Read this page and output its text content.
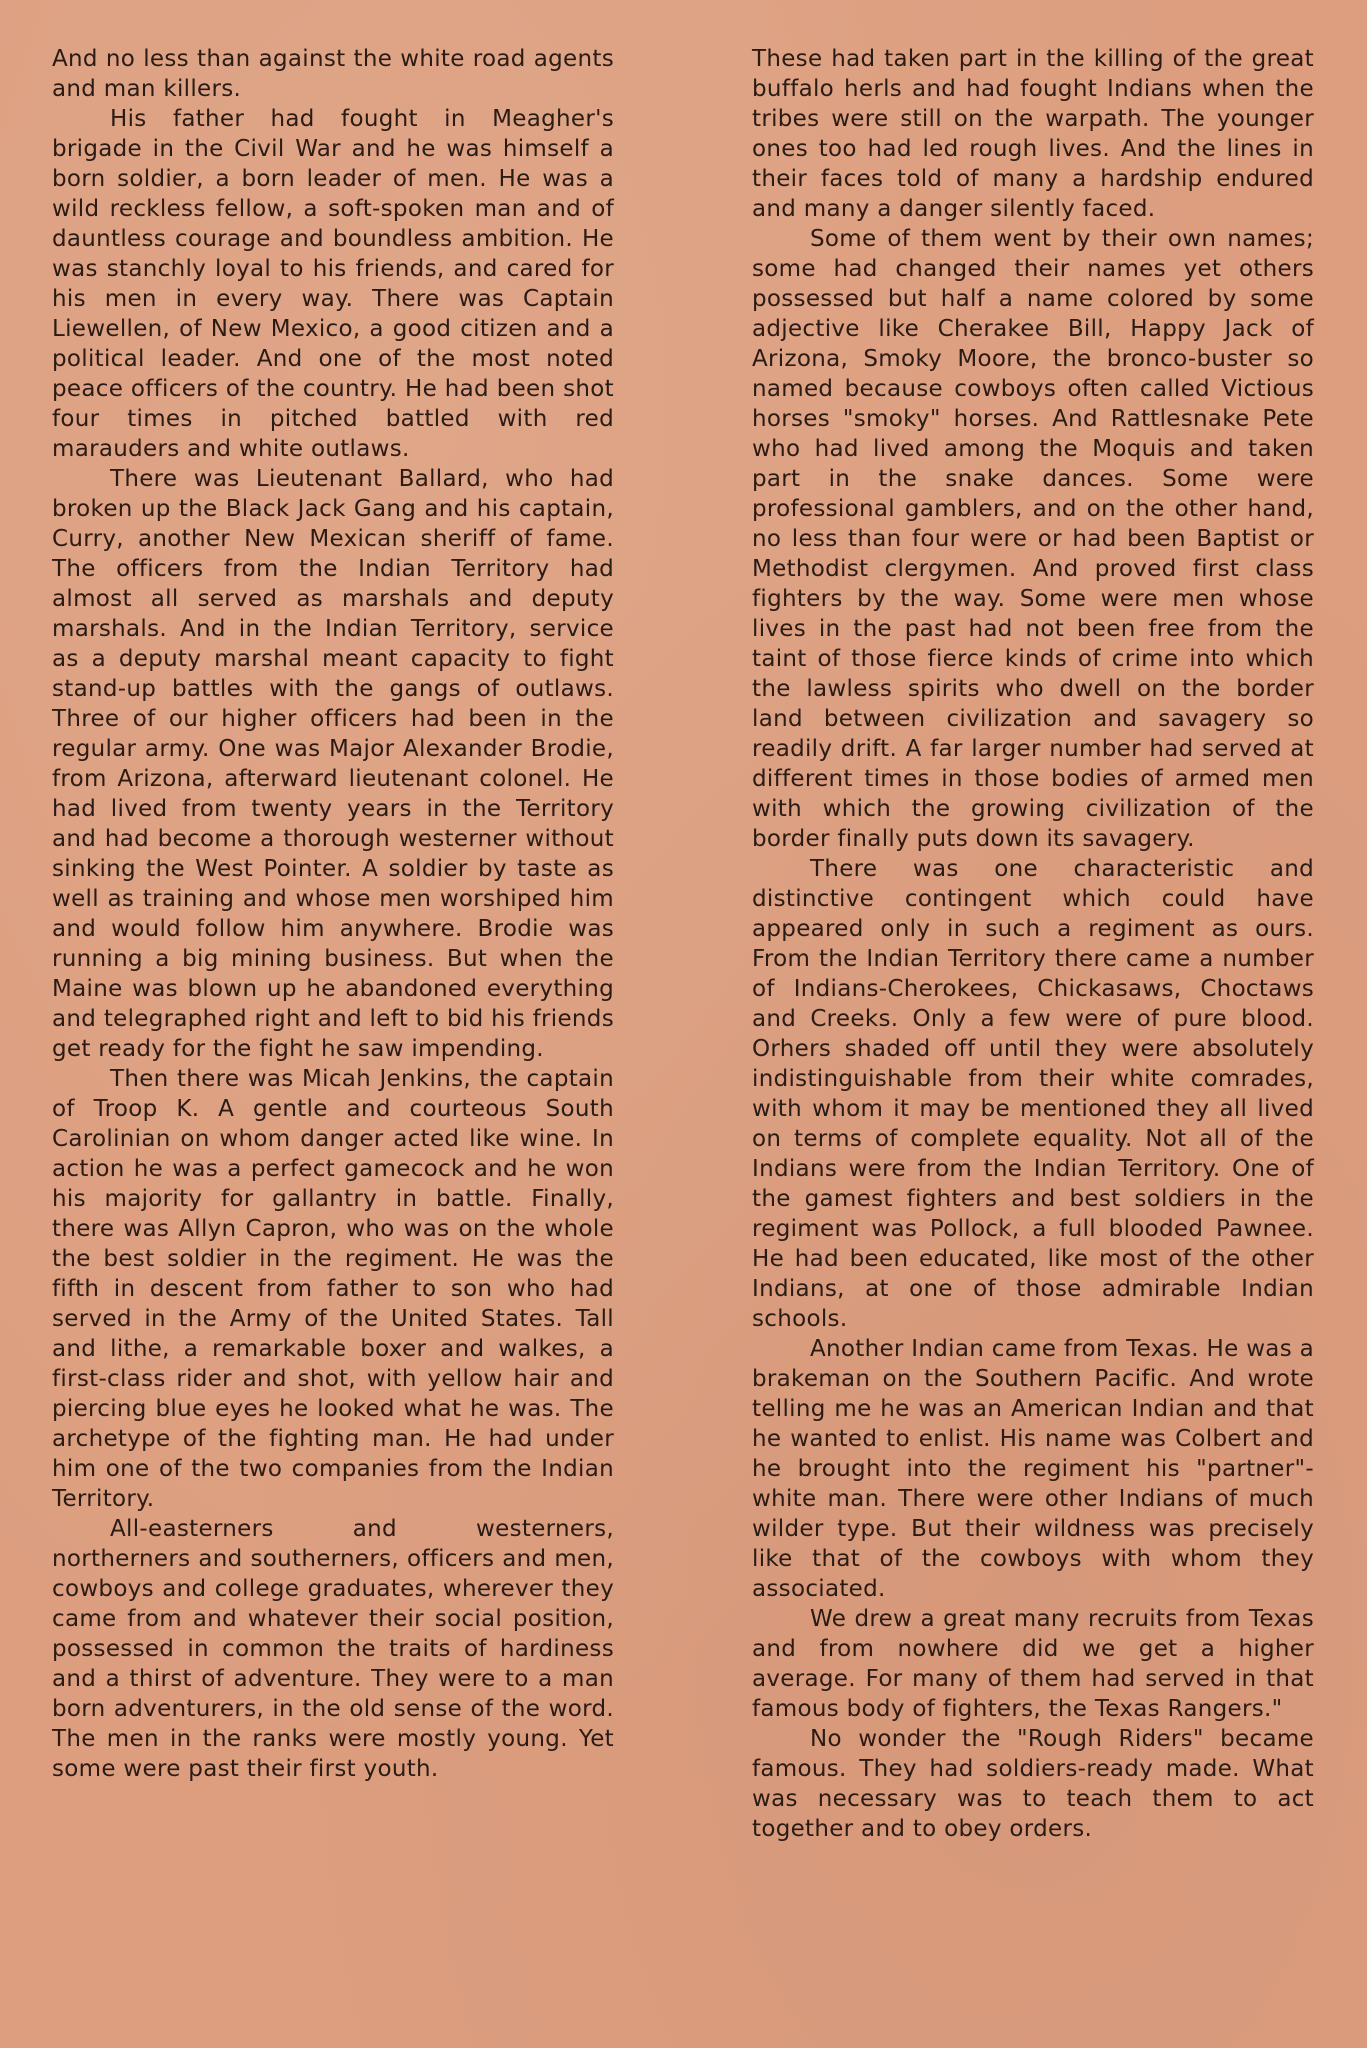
And no less than against the white road agents and man killers.

His father had fought in Meagher's brigade in the Civil War and he was himself a born soldier, a born leader of men. He was a wild reckless fellow, a soft-spoken man and of dauntless courage and boundless ambition. He was stanchly loyal to his friends, and cared for his men in every way. There was Captain Liewellen, of New Mexico, a good citizen and a political leader. And one of the most noted peace officers of the country. He had been shot four times in pitched battled with red marauders and white outlaws.

There was Lieutenant Ballard, who had broken up the Black Jack Gang and his captain, Curry, another New Mexican sheriff of fame. The officers from the Indian Territory had almost all served as marshals and deputy marshals. And in the Indian Territory, service as a deputy marshal meant capacity to fight stand-up battles with the gangs of outlaws. Three of our higher officers had been in the regular army. One was Major Alexander Brodie, from Arizona, afterward lieutenant colonel. He had lived from twenty years in the Territory and had become a thorough westerner without sinking the West Pointer. A soldier by taste as well as training and whose men worshiped him and would follow him anywhere. Brodie was running a big mining business. But when the Maine was blown up he abandoned everything and telegraphed right and left to bid his friends get ready for the fight he saw impending.

Then there was Micah Jenkins, the captain of Troop K. A gentle and courteous South Carolinian on whom danger acted like wine. In action he was a perfect gamecock and he won his majority for gallantry in battle. Finally, there was Allyn Capron, who was on the whole the best soldier in the regiment. He was the fifth in descent from father to son who had served in the Army of the United States. Tall and lithe, a remarkable boxer and walkes, a first-class rider and shot, with yellow hair and piercing blue eyes he looked what he was. The archetype of the fighting man. He had under him one of the two companies from the Indian Territory.

All-easterners and westerners, northerners and southerners, officers and men, cowboys and college graduates, wherever they came from and whatever their social position, possessed in common the traits of hardiness and a thirst of adventure. They were to a man born adventurers, in the old sense of the word. The men in the ranks were mostly young. Yet some were past their first youth.

These had taken part in the killing of the great buffalo herls and had fought Indians when the tribes were still on the warpath. The younger ones too had led rough lives. And the lines in their faces told of many a hardship endured and many a danger silently faced.

Some of them went by their own names; some had changed their names yet others possessed but half a name colored by some adjective like Cherakee Bill, Happy Jack of Arizona, Smoky Moore, the bronco-buster so named because cowboys often called Victious horses "smoky" horses. And Rattlesnake Pete who had lived among the Moquis and taken part in the snake dances. Some were professional gamblers, and on the other hand, no less than four were or had been Baptist or Methodist clergymen. And proved first class fighters by the way. Some were men whose lives in the past had not been free from the taint of those fierce kinds of crime into which the lawless spirits who dwell on the border land between civilization and savagery so readily drift. A far larger number had served at different times in those bodies of armed men with which the growing civilization of the border finally puts down its savagery.

There was one characteristic and distinctive contingent which could have appeared only in such a regiment as ours. From the Indian Territory there came a number of Indians-Cherokees, Chickasaws, Choctaws and Creeks. Only a few were of pure blood. Orhers shaded off until they were absolutely indistinguishable from their white comrades, with whom it may be mentioned they all lived on terms of complete equality. Not all of the Indians were from the Indian Territory. One of the gamest fighters and best soldiers in the regiment was Pollock, a full blooded Pawnee. He had been educated, like most of the other Indians, at one of those admirable Indian schools.

Another Indian came from Texas. He was a brakeman on the Southern Pacific. And wrote telling me he was an American Indian and that he wanted to enlist. His name was Colbert and he brought into the regiment his "partner"- white man. There were other Indians of much wilder type. But their wildness was precisely like that of the cowboys with whom they associated.

We drew a great many recruits from Texas and from nowhere did we get a higher average. For many of them had served in that famous body of fighters, the Texas Rangers."

No wonder the "Rough Riders" became famous. They had soldiers-ready made. What was necessary was to teach them to act together and to obey orders.
